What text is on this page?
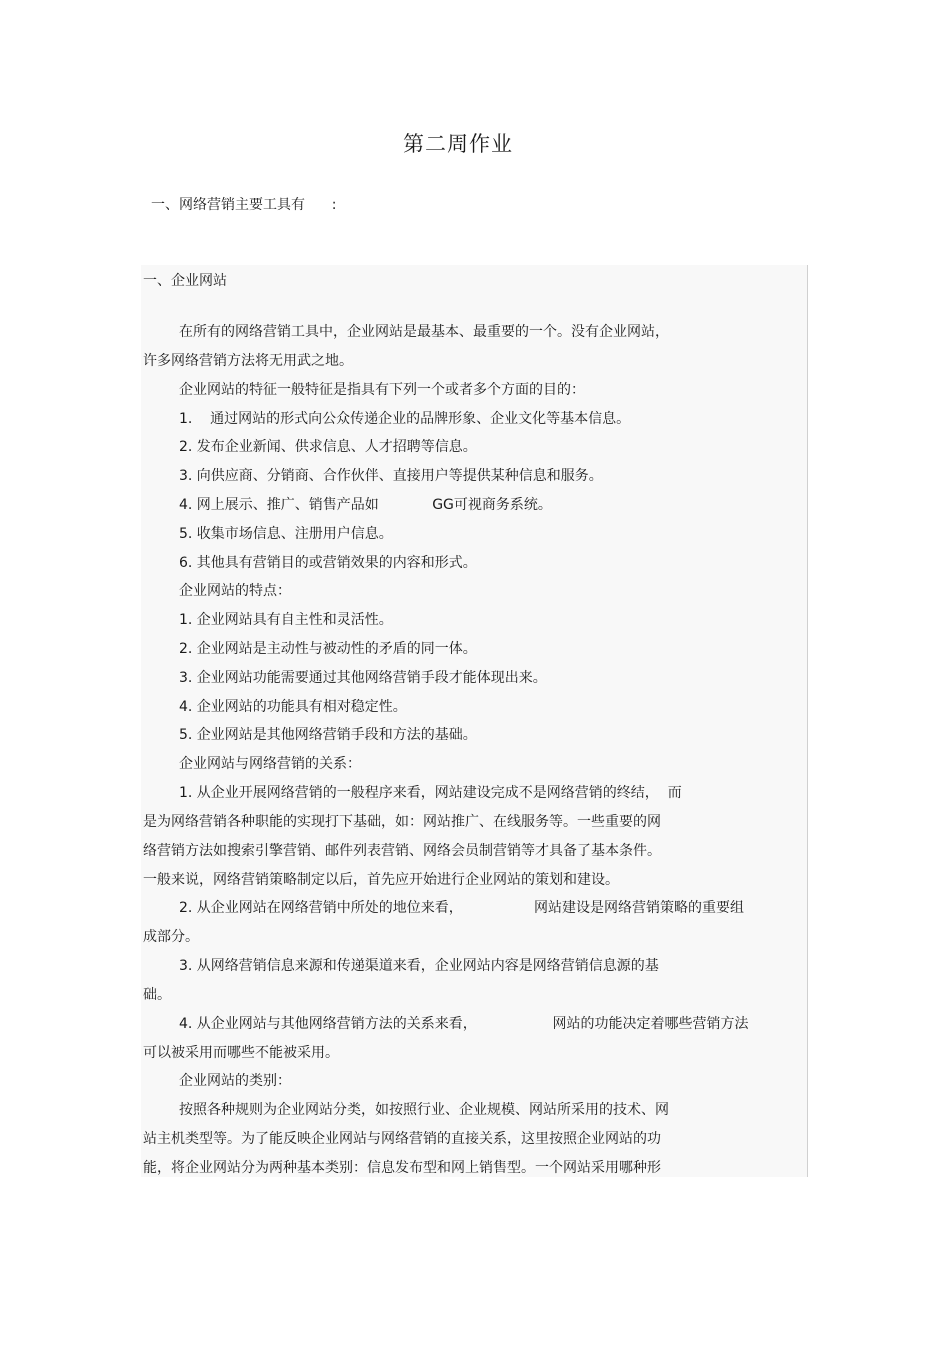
第二周作业
一、网络营销主要工具有      :
一、企业网站
在所有的网络营销工具中，企业网站是最基本、最重要的一个。没有企业网站，
许多网络营销方法将无用武之地。
企业网站的特征一般特征是指具有下列一个或者多个方面的目的：
1.    通过网站的形式向公众传递企业的品牌形象、企业文化等基本信息。
2. 发布企业新闻、供求信息、人才招聘等信息。
3. 向供应商、分销商、合作伙伴、直接用户等提供某种信息和服务。
4. 网上展示、推广、销售产品如            GG可视商务系统。
5. 收集市场信息、注册用户信息。
6. 其他具有营销目的或营销效果的内容和形式。
企业网站的特点：
1. 企业网站具有自主性和灵活性。
2. 企业网站是主动性与被动性的矛盾的同一体。
3. 企业网站功能需要通过其他网络营销手段才能体现出来。
4. 企业网站的功能具有相对稳定性。
5. 企业网站是其他网络营销手段和方法的基础。
企业网站与网络营销的关系：
1. 从企业开展网络营销的一般程序来看，网站建设完成不是网络营销的终结，  而
是为网络营销各种职能的实现打下基础，如：网站推广、在线服务等。一些重要的网
络营销方法如搜索引擎营销、邮件列表营销、网络会员制营销等才具备了基本条件。
一般来说，网络营销策略制定以后，首先应开始进行企业网站的策划和建设。
2. 从企业网站在网络营销中所处的地位来看，                网站建设是网络营销策略的重要组
成部分。
3. 从网络营销信息来源和传递渠道来看，企业网站内容是网络营销信息源的基
础。
4. 从企业网站与其他网络营销方法的关系来看，                 网站的功能决定着哪些营销方法
可以被采用而哪些不能被采用。
企业网站的类别：
按照各种规则为企业网站分类，如按照行业、企业规模、网站所采用的技术、网
站主机类型等。为了能反映企业网站与网络营销的直接关系，这里按照企业网站的功
能，将企业网站分为两种基本类别：信息发布型和网上销售型。一个网站采用哪种形
